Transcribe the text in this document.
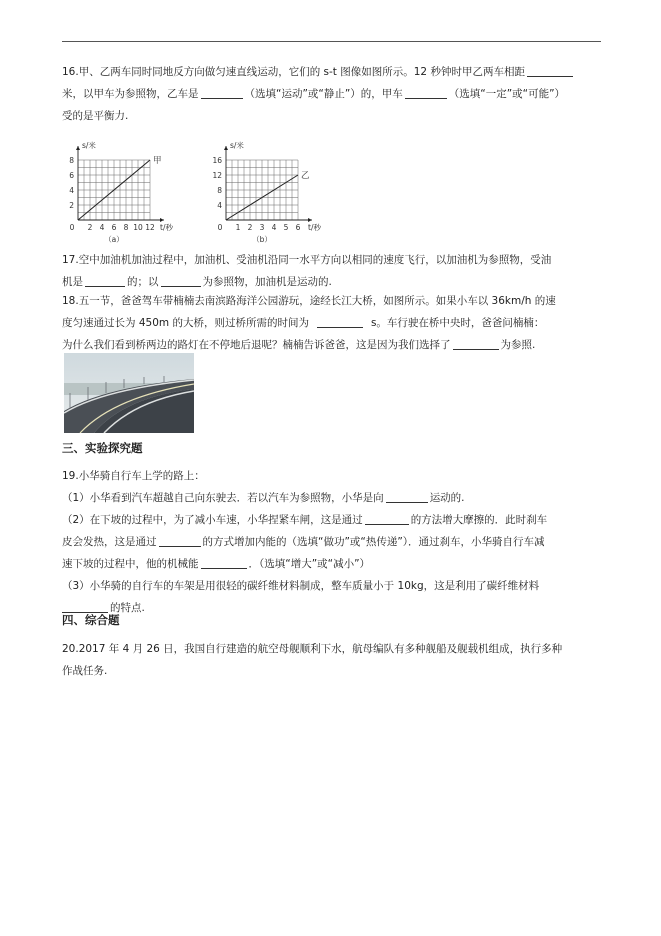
16.甲、乙两车同时同地反方向做匀速直线运动，它们的 s-t 图像如图所示。12 秒钟时甲乙两车相距

米，以甲车为参照物，乙车是	（选填“运动”或“静止”）的，甲车	（选填“一定”或“可能”）

受的是平衡力.

2 4 6 8 10 12
2
4
6
8
0
s/米
t/秒
甲
（a）
1 2 3 4 5 6
4
8
12
16
0
s/米
t/秒
乙
（b）

17.空中加油机加油过程中，加油机、受油机沿同一水平方向以相同的速度飞行，以加油机为参照物，受油

机是	的；以	为参照物，加油机是运动的.

18.五一节，爸爸驾车带楠楠去南滨路海洋公园游玩，途经长江大桥，如图所示。如果小车以 36km/h 的速

度匀速通过长为 450m 的大桥，则过桥所需的时间为	s。车行驶在桥中央时，爸爸问楠楠：

为什么我们看到桥两边的路灯在不停地后退呢？楠楠告诉爸爸，这是因为我们选择了	为参照.

三、实验探究题

19.小华骑自行车上学的路上：

（1）小华看到汽车超越自己向东驶去．若以汽车为参照物，小华是向	运动的.

（2）在下坡的过程中，为了减小车速，小华捏紧车闸，这是通过	的方法增大摩擦的．此时刹车

皮会发热，这是通过	的方式增加内能的（选填“做功”或“热传递”）．通过刹车，小华骑自行车减

速下坡的过程中，他的机械能	．（选填“增大”或“减小”）

（3）小华骑的自行车的车架是用很轻的碳纤维材料制成，整车质量小于 10kg，这是利用了碳纤维材料

的特点.

四、综合题

20.2017 年 4 月 26 日，我国自行建造的航空母舰顺利下水，航母编队有多种舰船及舰载机组成，执行多种

作战任务.
